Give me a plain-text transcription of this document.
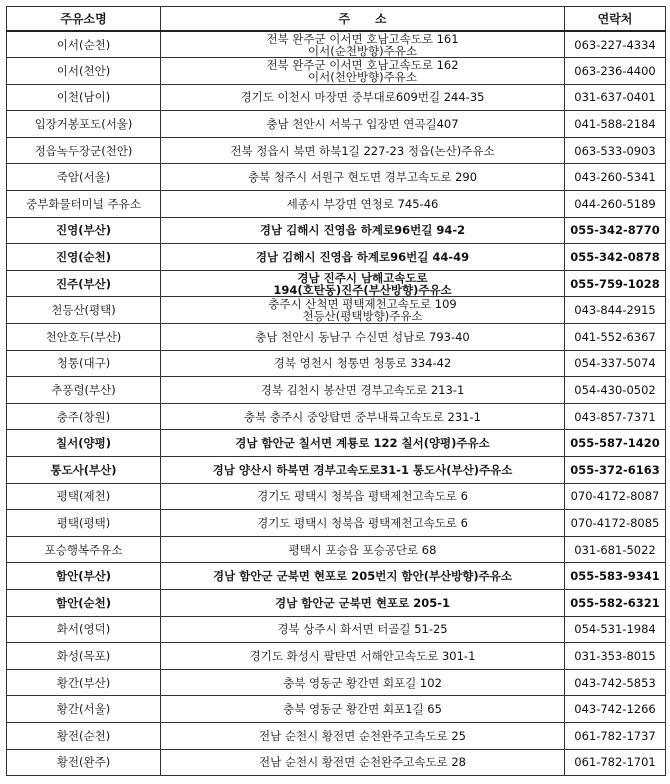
주유소명	주      소	연락처
이서(순천)	전북 완주군 이서면 호남고속도로 161
이서(순천방향)주유소	063-227-4334
이서(천안)	전북 완주군 이서면 호남고속도로 162
이서(천안방향)주유소	063-236-4400
이천(남이)	경기도 이천시 마장면 중부대로609번길 244-35	031-637-0401
입장거봉포도(서울)	충남 천안시 서북구 입장면 연곡길407	041-588-2184
정읍녹두장군(천안)	전북 정읍시 북면 하북1길 227-23 정읍(논산)주유소	063-533-0903
죽암(서울)	충북 청주시 서원구 현도면 경부고속도로 290	043-260-5341
중부화물터미널 주유소	세종시 부강면 연청로 745-46	044-260-5189
진영(부산)	경남 김해시 진영읍 하계로96번길 94-2	055-342-8770
진영(순천)	경남 김해시 진영읍 하계로96번길 44-49	055-342-0878
진주(부산)	경남 진주시 남해고속도로
194(호탄동)진주(부산방향)주유소	055-759-1028
천등산(평택)	충주시 산척면 평택제천고속도로 109
천등산(평택방향)주유소	043-844-2915
천안호두(부산)	충남 천안시 동남구 수신면 성남로 793-40	041-552-6367
청통(대구)	경북 영천시 청통면 청통로 334-42	054-337-5074
추풍령(부산)	경북 김천시 봉산면 경부고속도로 213-1	054-430-0502
충주(창원)	충북 충주시 중앙탑면 중부내륙고속도로 231-1	043-857-7371
칠서(양평)	경남 함안군 칠서면 계룡로 122 칠서(양평)주유소	055-587-1420
통도사(부산)	경남 양산시 하북면 경부고속도로31-1 통도사(부산)주유소	055-372-6163
평택(제천)	경기도 평택시 청북읍 평택제천고속도로 6	070-4172-8087
평택(평택)	경기도 평택시 청북읍 평택제천고속도로 6	070-4172-8085
포승행복주유소	평택시 포승읍 포승공단로 68	031-681-5022
함안(부산)	경남 함안군 군북면 현포로 205번지 함안(부산방향)주유소	055-583-9341
함안(순천)	경남 함안군 군북면 현포로 205-1	055-582-6321
화서(영덕)	경북 상주시 화서면 터골길 51-25	054-531-1984
화성(목포)	경기도 화성시 팔탄면 서해안고속도로 301-1	031-353-8015
황간(부산)	충북 영동군 황간면 회포길 102	043-742-5853
황간(서울)	충북 영동군 황간면 회포1길 65	043-742-1266
황전(순천)	전남 순천시 황전면 순천완주고속도로 25	061-782-1737
황전(완주)	전남 순천시 황전면 순천완주고속도로 28	061-782-1701
